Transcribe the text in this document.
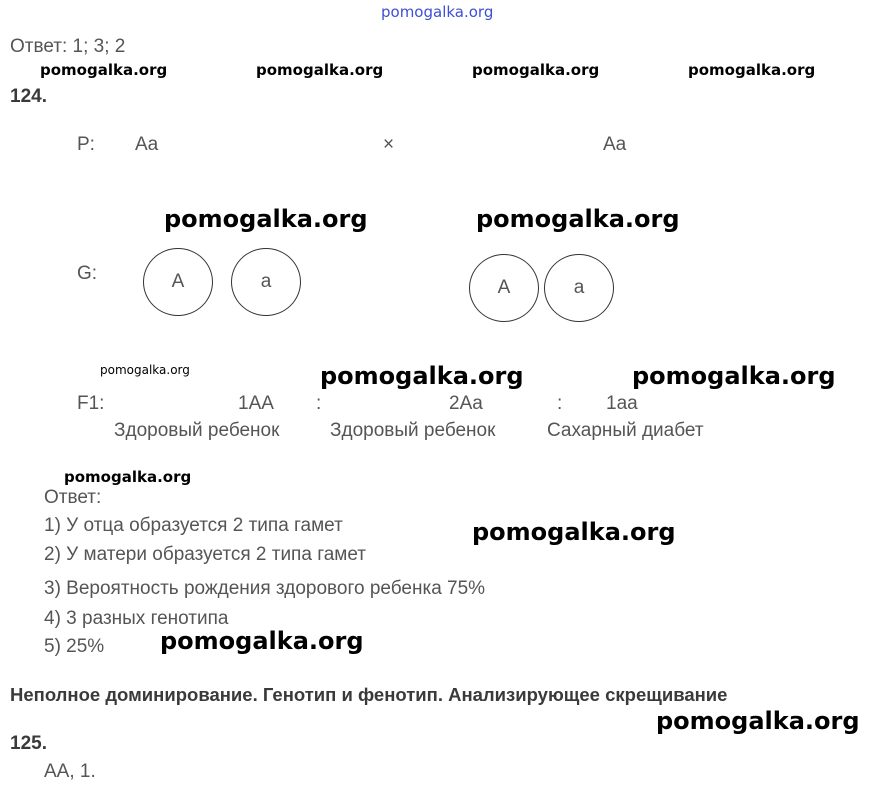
pomogalka.org
Ответ: 1; 3; 2
pomogalka.org	pomogalka.org	pomogalka.org	pomogalka.org
124.
P: Aa	×	Aa
pomogalka.org	pomogalka.org
G:	A	a	A	a
pomogalka.org	pomogalka.org	pomogalka.org
F1:	1AA :	2Aa	: 1aa
Здоровый ребенок	Здоровый ребенок	Сахарный диабет
pomogalka.org
Ответ:
1) У отца образуется 2 типа гамет	pomogalka.org
2) У матери образуется 2 типа гамет
3) Вероятность рождения здорового ребенка 75%
4) 3 разных генотипа
5) 25% pomogalka.org
Неполное доминирование. Генотип и фенотип. Анализирующее скрещивание
pomogalka.org
125.
AA, 1.
